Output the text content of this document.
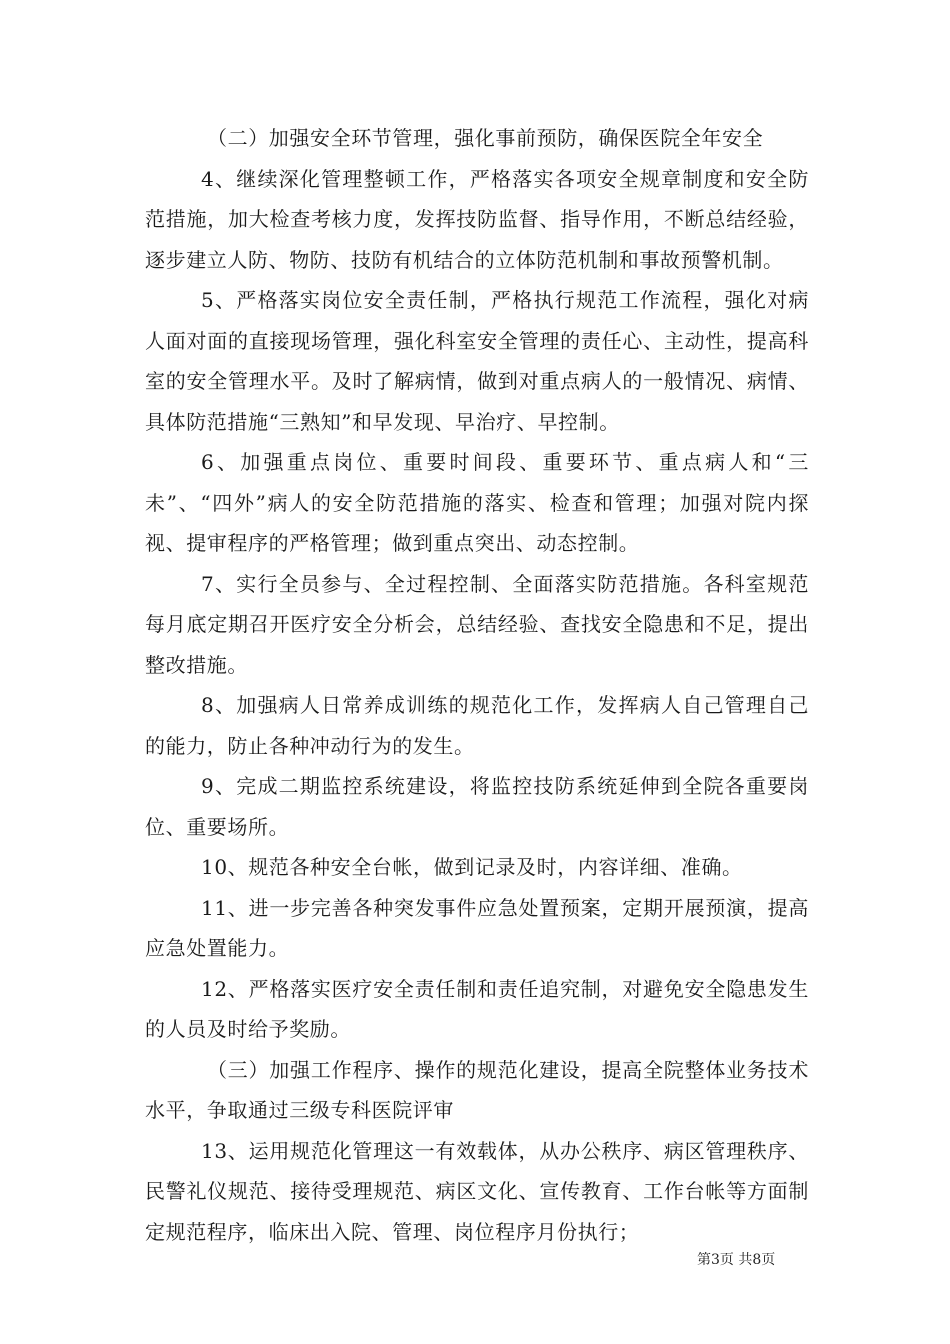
（二）加强安全环节管理，强化事前预防，确保医院全年安全

4、继续深化管理整顿工作，严格落实各项安全规章制度和安全防范措施，加大检查考核力度，发挥技防监督、指导作用，不断总结经验，逐步建立人防、物防、技防有机结合的立体防范机制和事故预警机制。

5、严格落实岗位安全责任制，严格执行规范工作流程，强化对病人面对面的直接现场管理，强化科室安全管理的责任心、主动性，提高科室的安全管理水平。及时了解病情，做到对重点病人的一般情况、病情、具体防范措施“三熟知”和早发现、早治疗、早控制。

6、加强重点岗位、重要时间段、重要环节、重点病人和“三未”、“四外”病人的安全防范措施的落实、检查和管理；加强对院内探视、提审程序的严格管理；做到重点突出、动态控制。

7、实行全员参与、全过程控制、全面落实防范措施。各科室规范每月底定期召开医疗安全分析会，总结经验、查找安全隐患和不足，提出整改措施。

8、加强病人日常养成训练的规范化工作，发挥病人自己管理自己的能力，防止各种冲动行为的发生。

9、完成二期监控系统建设，将监控技防系统延伸到全院各重要岗位、重要场所。

10、规范各种安全台帐，做到记录及时，内容详细、准确。

11、进一步完善各种突发事件应急处置预案，定期开展预演，提高应急处置能力。

12、严格落实医疗安全责任制和责任追究制，对避免安全隐患发生的人员及时给予奖励。

（三）加强工作程序、操作的规范化建设，提高全院整体业务技术水平，争取通过三级专科医院评审

13、运用规范化管理这一有效载体，从办公秩序、病区管理秩序、民警礼仪规范、接待受理规范、病区文化、宣传教育、工作台帐等方面制定规范程序，临床出入院、管理、岗位程序月份执行；

第3页 共8页
